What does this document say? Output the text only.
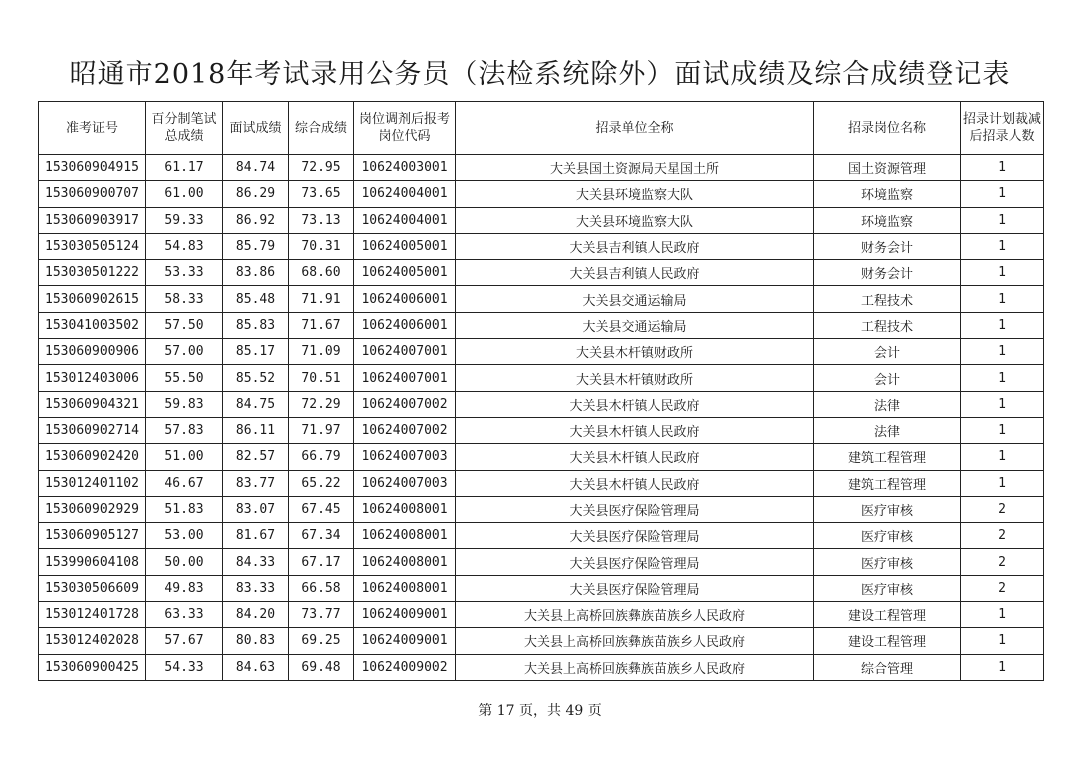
昭通市2018年考试录用公务员（法检系统除外）面试成绩及综合成绩登记表
准考证号	百分制笔试总成绩	面试成绩	综合成绩	岗位调剂后报考岗位代码	招录单位全称	招录岗位名称	招录计划裁减后招录人数
153060904915	61.17	84.74	72.95	10624003001	大关县国土资源局天星国土所	国土资源管理	1
153060900707	61.00	86.29	73.65	10624004001	大关县环境监察大队	环境监察	1
153060903917	59.33	86.92	73.13	10624004001	大关县环境监察大队	环境监察	1
153030505124	54.83	85.79	70.31	10624005001	大关县吉利镇人民政府	财务会计	1
153030501222	53.33	83.86	68.60	10624005001	大关县吉利镇人民政府	财务会计	1
153060902615	58.33	85.48	71.91	10624006001	大关县交通运输局	工程技术	1
153041003502	57.50	85.83	71.67	10624006001	大关县交通运输局	工程技术	1
153060900906	57.00	85.17	71.09	10624007001	大关县木杆镇财政所	会计	1
153012403006	55.50	85.52	70.51	10624007001	大关县木杆镇财政所	会计	1
153060904321	59.83	84.75	72.29	10624007002	大关县木杆镇人民政府	法律	1
153060902714	57.83	86.11	71.97	10624007002	大关县木杆镇人民政府	法律	1
153060902420	51.00	82.57	66.79	10624007003	大关县木杆镇人民政府	建筑工程管理	1
153012401102	46.67	83.77	65.22	10624007003	大关县木杆镇人民政府	建筑工程管理	1
153060902929	51.83	83.07	67.45	10624008001	大关县医疗保险管理局	医疗审核	2
153060905127	53.00	81.67	67.34	10624008001	大关县医疗保险管理局	医疗审核	2
153990604108	50.00	84.33	67.17	10624008001	大关县医疗保险管理局	医疗审核	2
153030506609	49.83	83.33	66.58	10624008001	大关县医疗保险管理局	医疗审核	2
153012401728	63.33	84.20	73.77	10624009001	大关县上高桥回族彝族苗族乡人民政府	建设工程管理	1
153012402028	57.67	80.83	69.25	10624009001	大关县上高桥回族彝族苗族乡人民政府	建设工程管理	1
153060900425	54.33	84.63	69.48	10624009002	大关县上高桥回族彝族苗族乡人民政府	综合管理	1
第 17 页，共 49 页
